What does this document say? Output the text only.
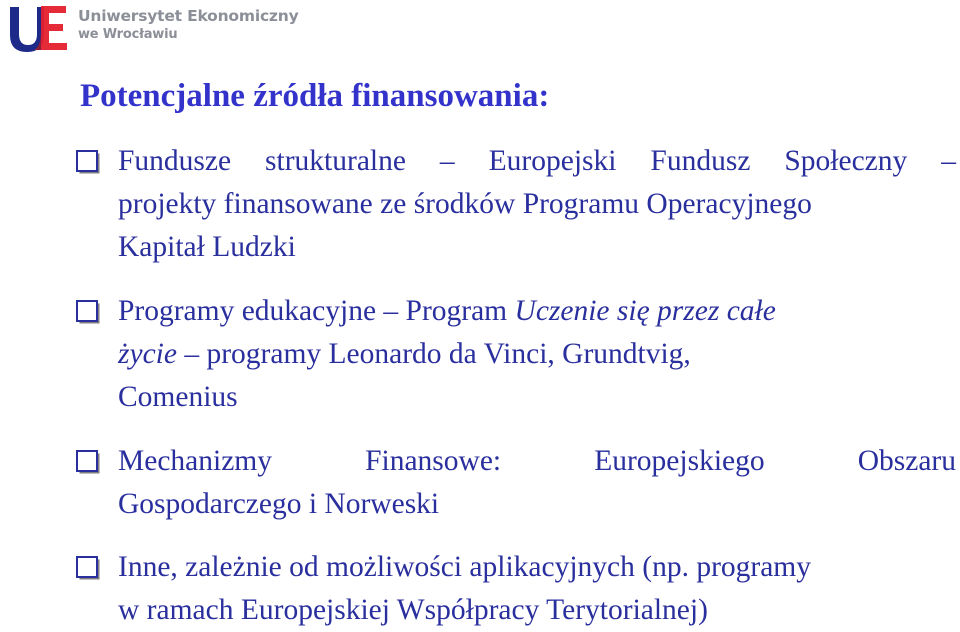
Uniwersytet Ekonomiczny
we Wrocławiu
Potencjalne źródła finansowania:
Fundusze strukturalne – Europejski Fundusz Społeczny –
projekty finansowane ze środków Programu Operacyjnego
Kapitał Ludzki
Programy edukacyjne – Program Uczenie się przez całe
życie – programy Leonardo da Vinci, Grundtvig,
Comenius
Mechanizmy Finansowe: Europejskiego Obszaru
Gospodarczego i Norweski
Inne, zależnie od możliwości aplikacyjnych (np. programy
w ramach Europejskiej Współpracy Terytorialnej)
